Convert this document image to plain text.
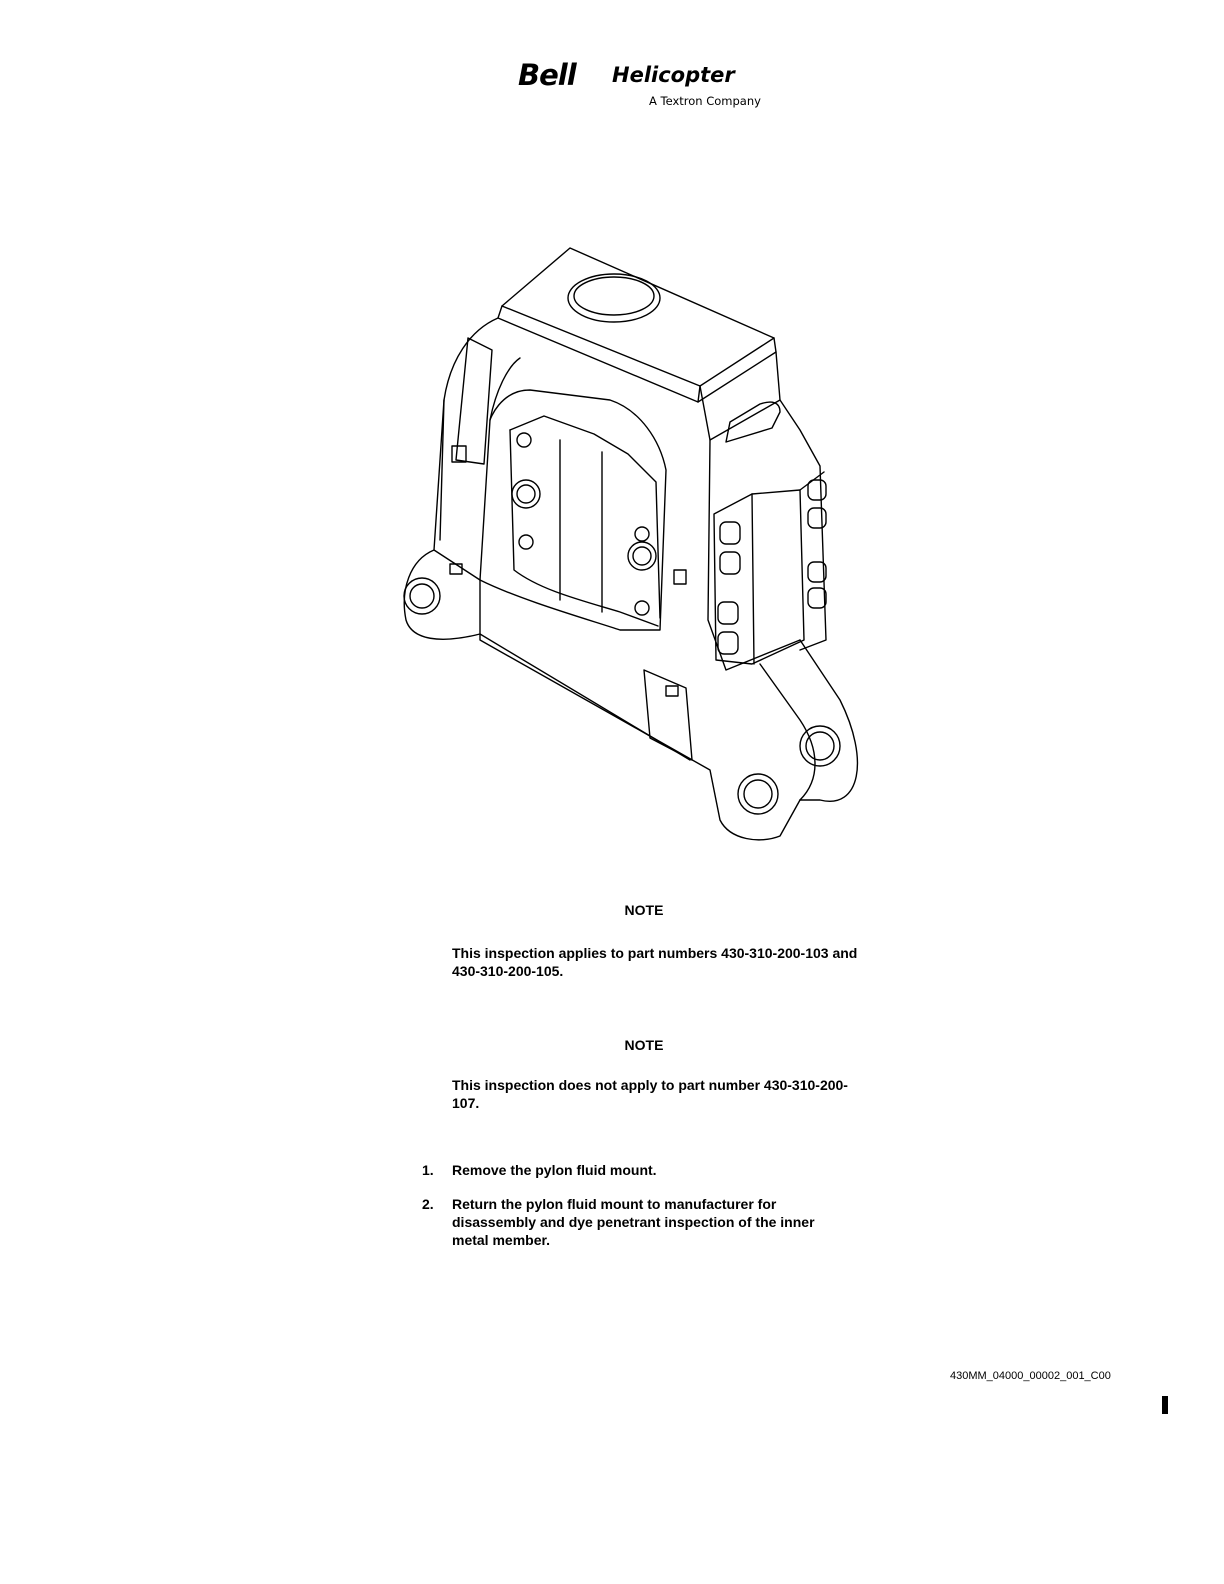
Bell Helicopter
A Textron Company
NOTE
This inspection applies to part numbers 430-310-200-103 and 430-310-200-105.
NOTE
This inspection does not apply to part number 430-310-200-107.
1.	Remove the pylon fluid mount.
2.	Return the pylon fluid mount to manufacturer for disassembly and dye penetrant inspection of the inner metal member.
430MM_04000_00002_001_C00
